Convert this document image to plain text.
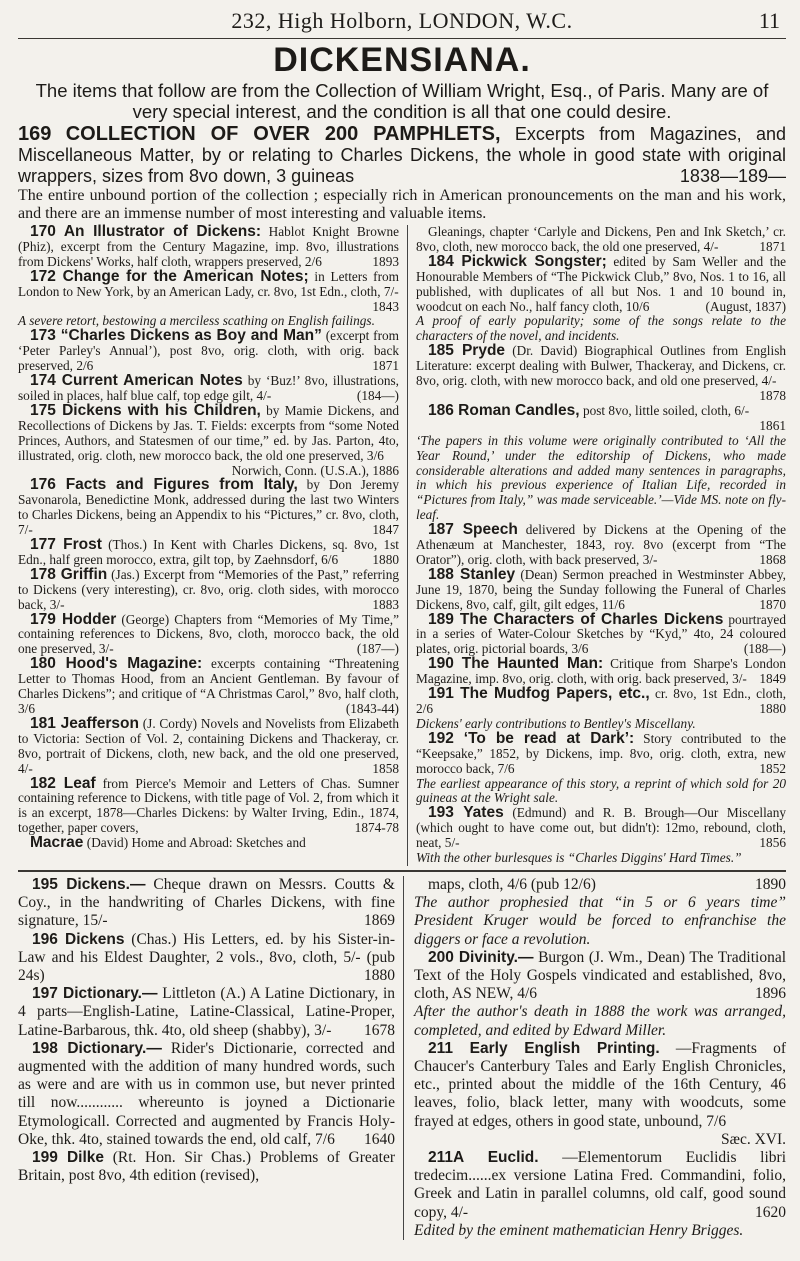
232, High Holborn, LONDON, W.C.	11
DICKENSIANA.
The items that follow are from the Collection of William Wright, Esq., of Paris. Many are of very special interest, and the condition is all that one could desire.
169 COLLECTION OF OVER 200 PAMPHLETS, Excerpts from Magazines, and Miscellaneous Matter, by or relating to Charles Dickens, the whole in good state with original wrappers, sizes from 8vo down, 3 guineas	1838—189—
The entire unbound portion of the collection ; especially rich in American pronouncements on the man and his work, and there are an immense number of most interesting and valuable items.

170 An Illustrator of Dickens: Hablot Knight Browne (Phiz), excerpt from the Century Magazine, imp. 8vo, illustrations from Dickens' Works, half cloth, wrappers preserved, 2/6	1893

172 Change for the American Notes; in Letters from London to New York, by an American Lady, cr. 8vo, 1st Edn., cloth, 7/-
1843
A severe retort, bestowing a merciless scathing on English failings.

173 “Charles Dickens as Boy and Man” (excerpt from ‘Peter Parley's Annual’), post 8vo, orig. cloth, with orig. back preserved, 2/6	1871

174 Current American Notes by ‘Buz!’ 8vo, illustrations, soiled in places, half blue calf, top edge gilt, 4/-	(184—)

175 Dickens with his Children, by Mamie Dickens, and Recollections of Dickens by Jas. T. Fields: excerpts from “some Noted Princes, Authors, and Statesmen of our time,” ed. by Jas. Parton, 4to, illustrated, orig. cloth, new morocco back, the old one preserved, 3/6
Norwich, Conn. (U.S.A.), 1886

176 Facts and Figures from Italy, by Don Jeremy Savonarola, Benedictine Monk, addressed during the last two Winters to Charles Dickens, being an Appendix to his “Pictures,” cr. 8vo, cloth, 7/-	1847

177 Frost (Thos.) In Kent with Charles Dickens, sq. 8vo, 1st Edn., half green morocco, extra, gilt top, by Zaehnsdorf, 6/6	1880

178 Griffin (Jas.) Excerpt from “Memories of the Past,” referring to Dickens (very interesting), cr. 8vo, orig. cloth sides, with morocco back, 3/-	1883

179 Hodder (George) Chapters from “Memories of My Time,” containing references to Dickens, 8vo, cloth, morocco back, the old one preserved, 3/-	(187—)

180 Hood's Magazine: excerpts containing “Threatening Letter to Thomas Hood, from an Ancient Gentleman. By favour of Charles Dickens”; and critique of “A Christmas Carol,” 8vo, half cloth, 3/6	(1843-44)

181 Jeafferson (J. Cordy) Novels and Novelists from Elizabeth to Victoria: Section of Vol. 2, containing Dickens and Thackeray, cr. 8vo, portrait of Dickens, cloth, new back, and the old one preserved, 4/-	1858

182 Leaf from Pierce's Memoir and Letters of Chas. Sumner containing reference to Dickens, with title page of Vol. 2, from which it is an excerpt, 1878—Charles Dickens: by Walter Irving, Edin., 1874, together, paper covers,	1874-78

Macrae (David) Home and Abroad: Sketches and

Gleanings, chapter ‘Carlyle and Dickens, Pen and Ink Sketch,’ cr. 8vo, cloth, new morocco back, the old one preserved, 4/-	1871

184 Pickwick Songster; edited by Sam Weller and the Honourable Members of “The Pickwick Club,” 8vo, Nos. 1 to 16, all published, with duplicates of all but Nos. 1 and 10 bound in, woodcut on each No., half fancy cloth, 10/6	(August, 1837)
A proof of early popularity; some of the songs relate to the characters of the novel, and incidents.

185 Pryde (Dr. David) Biographical Outlines from English Literature: excerpt dealing with Bulwer, Thackeray, and Dickens, cr. 8vo, orig. cloth, with new morocco back, and old one preserved, 4/-
1878

186 Roman Candles, post 8vo, little soiled, cloth, 6/-
1861
‘The papers in this volume were originally contributed to ‘All the Year Round,’ under the editorship of Dickens, who made considerable alterations and added many sentences in paragraphs, in which his previous experience of Italian Life, recorded in “Pictures from Italy,” was made serviceable.’—Vide MS. note on fly-leaf.

187 Speech delivered by Dickens at the Opening of the Athenæum at Manchester, 1843, roy. 8vo (excerpt from “The Orator”), orig. cloth, with back preserved, 3/-	1868

188 Stanley (Dean) Sermon preached in Westminster Abbey, June 19, 1870, being the Sunday following the Funeral of Charles Dickens, 8vo, calf, gilt, gilt edges, 11/6	1870

189 The Characters of Charles Dickens pourtrayed in a series of Water-Colour Sketches by “Kyd,” 4to, 24 coloured plates, orig. pictorial boards, 3/6	(188—)

190 The Haunted Man: Critique from Sharpe's London Magazine, imp. 8vo, orig. cloth, with orig. back preserved, 3/- 1849

191 The Mudfog Papers, etc., cr. 8vo, 1st Edn., cloth, 2/6	1880
Dickens' early contributions to Bentley's Miscellany.

192 ‘To be read at Dark’: Story contributed to the “Keepsake,” 1852, by Dickens, imp. 8vo, orig. cloth, extra, new morocco back, 7/6	1852
The earliest appearance of this story, a reprint of which sold for 20 guineas at the Wright sale.

193 Yates (Edmund) and R. B. Brough—Our Miscellany (which ought to have come out, but didn't): 12mo, rebound, cloth, neat, 5/-	1856
With the other burlesques is “Charles Diggins' Hard Times.”

195 Dickens.— Cheque drawn on Messrs. Coutts & Coy., in the handwriting of Charles Dickens, with fine signature, 15/-	1869

196 Dickens (Chas.) His Letters, ed. by his Sister-in-Law and his Eldest Daughter, 2 vols., 8vo, cloth, 5/- (pub 24s)	1880

197 Dictionary.— Littleton (A.) A Latine Dictionary, in 4 parts—English-Latine, Latine-Classical, Latine-Proper, Latine-Barbarous, thk. 4to, old sheep (shabby), 3/-	1678

198 Dictionary.— Rider's Dictionarie, corrected and augmented with the addition of many hundred words, such as were and are with us in common use, but never printed till now............ whereunto is joyned a Dictionarie Etymologicall. Corrected and augmented by Francis Holy-Oke, thk. 4to, stained towards the end, old calf, 7/6	1640

199 Dilke (Rt. Hon. Sir Chas.) Problems of Greater Britain, post 8vo, 4th edition (revised),

maps, cloth, 4/6 (pub 12/6)	1890
The author prophesied that “in 5 or 6 years time” President Kruger would be forced to enfranchise the diggers or face a revolution.

200 Divinity.— Burgon (J. Wm., Dean) The Traditional Text of the Holy Gospels vindicated and established, 8vo, cloth, AS NEW, 4/6	1896
After the author's death in 1888 the work was arranged, completed, and edited by Edward Miller.

211 Early English Printing. —Fragments of Chaucer's Canterbury Tales and Early English Chronicles, etc., printed about the middle of the 16th Century, 46 leaves, folio, black letter, many with woodcuts, some frayed at edges, others in good state, unbound, 7/6
Sæc. XVI.

211A Euclid. —Elementorum Euclidis libri tredecim......ex versione Latina Fred. Commandini, folio, Greek and Latin in parallel columns, old calf, good sound copy, 4/-	1620
Edited by the eminent mathematician Henry Brigges.
